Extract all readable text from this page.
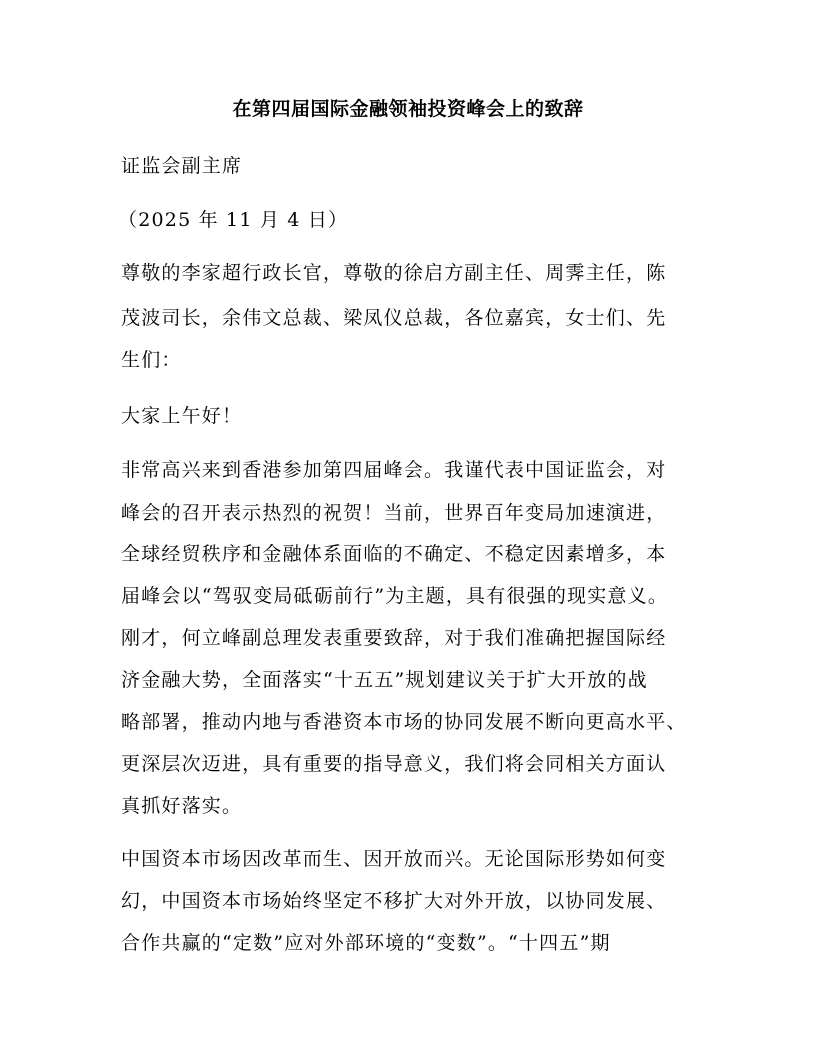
在第四届国际金融领袖投资峰会上的致辞
证监会副主席
（2025 年 11 月 4 日）
尊敬的李家超行政长官，尊敬的徐启方副主任、周霁主任，陈
茂波司长，余伟文总裁、梁凤仪总裁，各位嘉宾，女士们、先
生们：
大家上午好！
非常高兴来到香港参加第四届峰会。我谨代表中国证监会，对
峰会的召开表示热烈的祝贺！当前，世界百年变局加速演进，
全球经贸秩序和金融体系面临的不确定、不稳定因素增多，本
届峰会以“驾驭变局砥砺前行”为主题，具有很强的现实意义。
刚才，何立峰副总理发表重要致辞，对于我们准确把握国际经
济金融大势，全面落实“十五五”规划建议关于扩大开放的战
略部署，推动内地与香港资本市场的协同发展不断向更高水平、
更深层次迈进，具有重要的指导意义，我们将会同相关方面认
真抓好落实。
中国资本市场因改革而生、因开放而兴。无论国际形势如何变
幻，中国资本市场始终坚定不移扩大对外开放，以协同发展、
合作共赢的“定数”应对外部环境的“变数”。“十四五”期
